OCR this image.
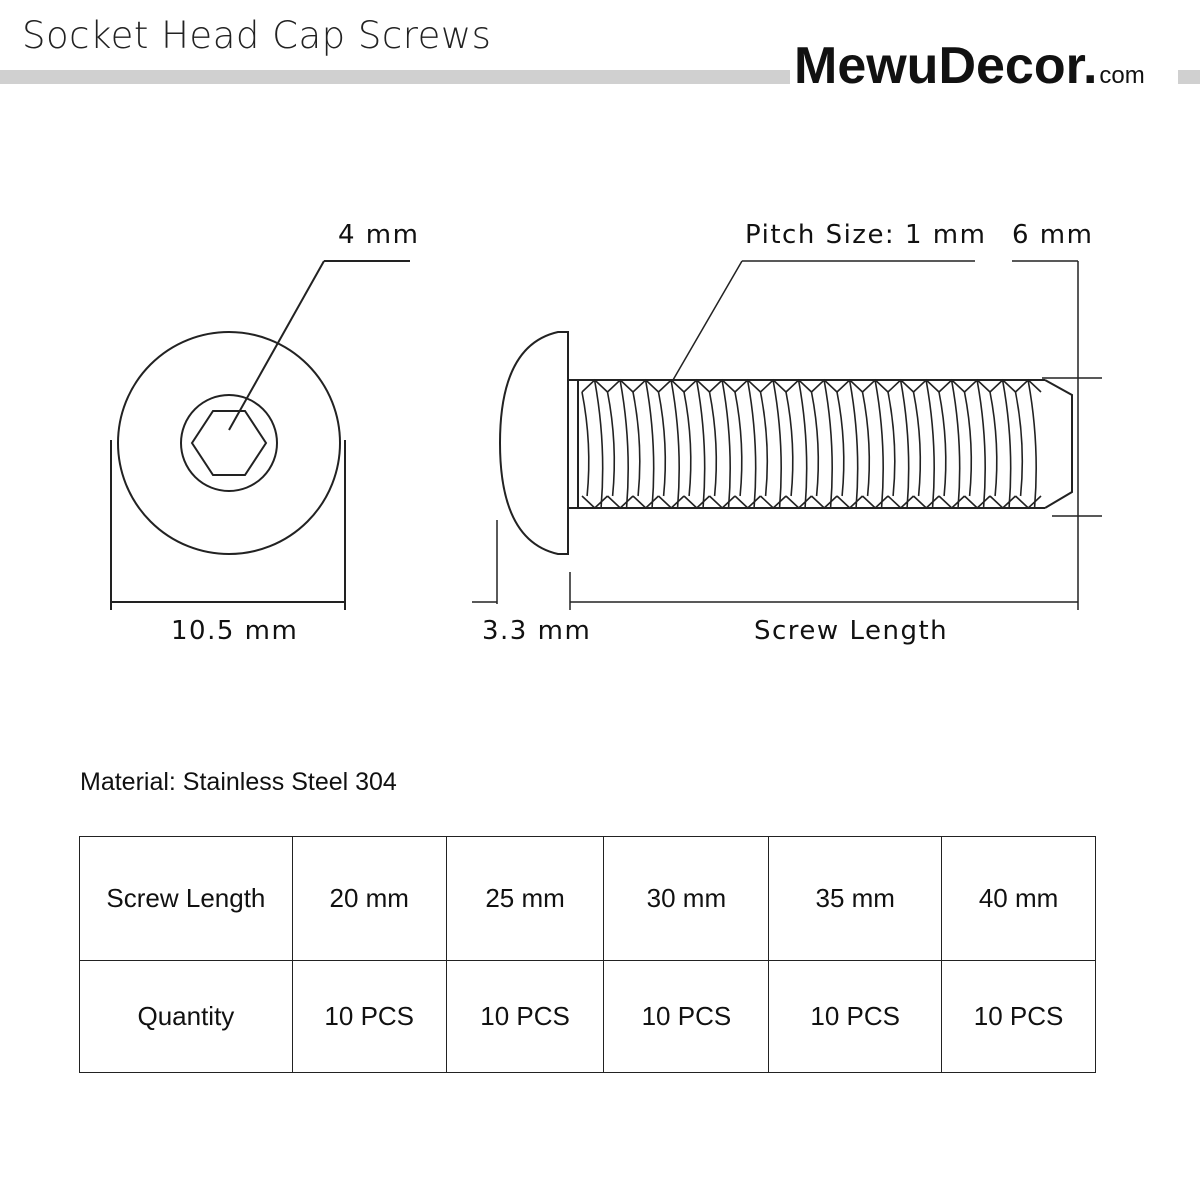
Socket Head Cap Screws
MewuDecor.com
4 mm
10.5 mm
Pitch Size: 1 mm 6 mm
3.3 mm	Screw Length
Material: Stainless Steel 304
Screw Length	20 mm	25 mm	30 mm	35 mm	40 mm
Quantity	10 PCS	10 PCS	10 PCS	10 PCS	10 PCS
